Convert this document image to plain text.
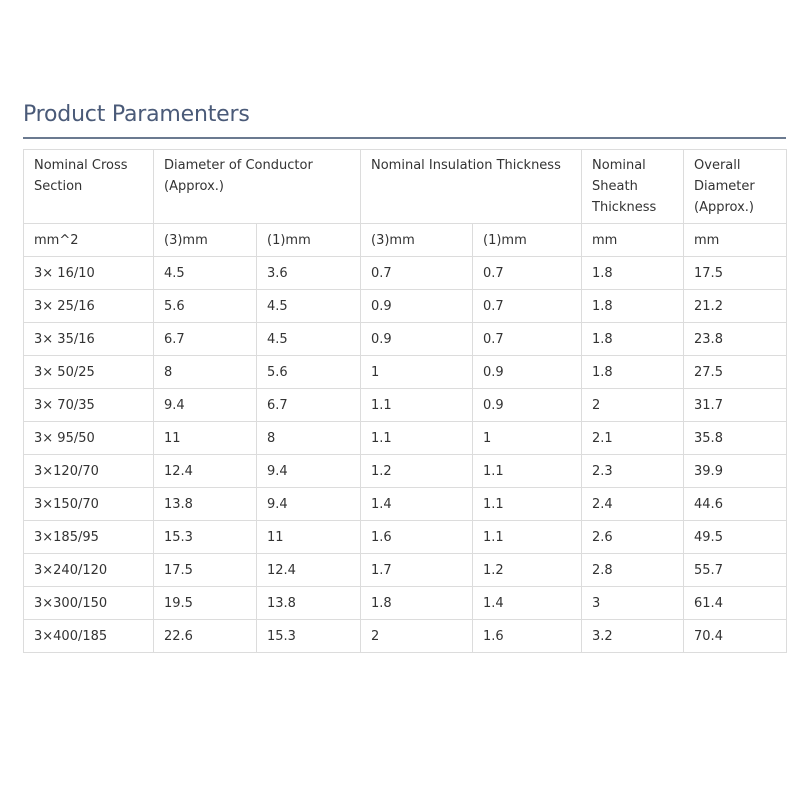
Product Paramenters
Nominal Cross Section	Diameter of Conductor (Approx.)		Nominal Insulation Thickness		Nominal Sheath Thickness	Overall Diameter (Approx.)
mm^2	(3)mm	(1)mm	(3)mm	(1)mm	mm	mm
3× 16/10	4.5	3.6	0.7	0.7	1.8	17.5
3× 25/16	5.6	4.5	0.9	0.7	1.8	21.2
3× 35/16	6.7	4.5	0.9	0.7	1.8	23.8
3× 50/25	8	5.6	1	0.9	1.8	27.5
3× 70/35	9.4	6.7	1.1	0.9	2	31.7
3× 95/50	11	8	1.1	1	2.1	35.8
3×120/70	12.4	9.4	1.2	1.1	2.3	39.9
3×150/70	13.8	9.4	1.4	1.1	2.4	44.6
3×185/95	15.3	11	1.6	1.1	2.6	49.5
3×240/120	17.5	12.4	1.7	1.2	2.8	55.7
3×300/150	19.5	13.8	1.8	1.4	3	61.4
3×400/185	22.6	15.3	2	1.6	3.2	70.4
